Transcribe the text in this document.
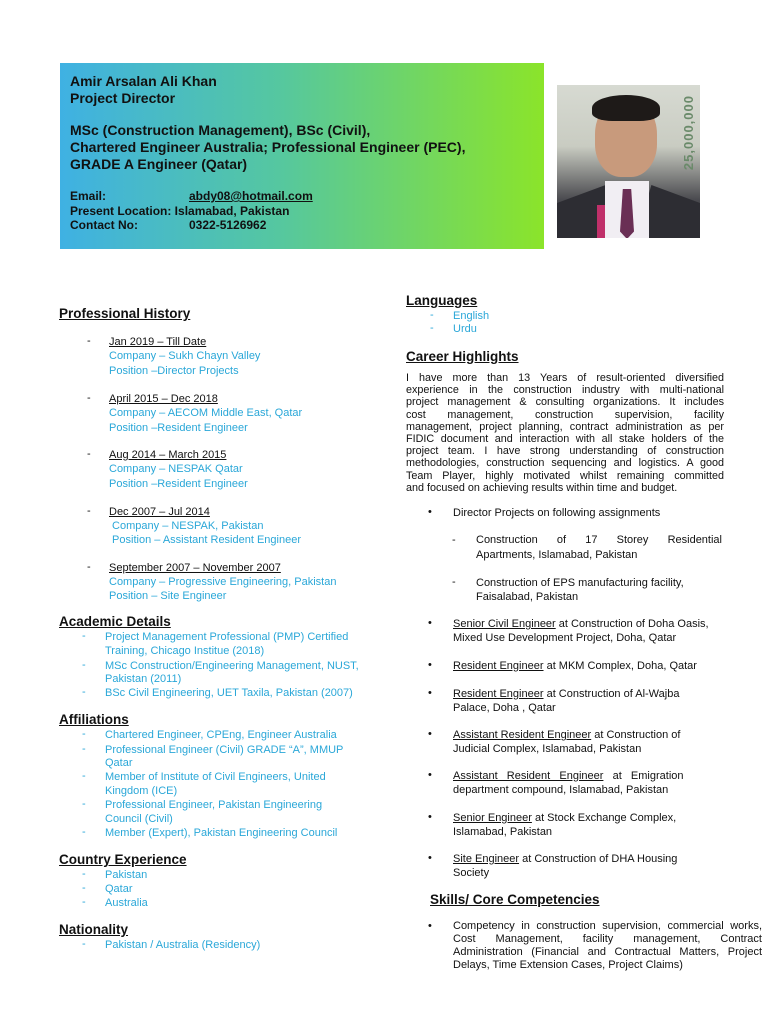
Amir Arsalan Ali Khan
Project Director
MSc (Construction Management), BSc (Civil),
Chartered Engineer Australia; Professional Engineer (PEC),
GRADE A Engineer (Qatar)
Email:	abdy08@hotmail.com
Present Location: Islamabad, Pakistan
Contact No:	0322-5126962
25,000,000
Professional History
- Jan 2019 – Till Date
Company – Sukh Chayn Valley
Position –Director Projects
- April 2015 – Dec 2018
Company – AECOM Middle East, Qatar
Position –Resident Engineer
- Aug 2014 – March 2015
Company – NESPAK Qatar
Position –Resident Engineer
- Dec 2007 – Jul 2014
Company – NESPAK, Pakistan
Position – Assistant Resident Engineer
- September 2007 – November 2007
Company – Progressive Engineering, Pakistan
Position – Site Engineer
Academic Details
- Project Management Professional (PMP) Certified
Training, Chicago Institue (2018)
- MSc Construction/Engineering Management, NUST,
Pakistan (2011)
- BSc Civil Engineering, UET Taxila, Pakistan (2007)
Affiliations
- Chartered Engineer, CPEng, Engineer Australia
- Professional Engineer (Civil) GRADE “A”, MMUP
Qatar
- Member of Institute of Civil Engineers, United
Kingdom (ICE)
- Professional Engineer, Pakistan Engineering
Council (Civil)
- Member (Expert), Pakistan Engineering Council
Country Experience
- Pakistan
- Qatar
- Australia
Nationality
- Pakistan / Australia (Residency)
Languages
- English
- Urdu
Career Highlights

I have more than 13 Years of result-oriented diversified

experience in the construction industry with multi-national

project management & consulting organizations. It includes

cost management, construction supervision, facility

management, project planning, contract administration as per

FIDIC document and interaction with all stake holders of the

project team. I have strong understanding of construction

methodologies, construction sequencing and logistics. A good

Team Player, highly motivated whilst remaining committed

and focused on achieving results within time and budget.

• Director Projects on following assignments
- Construction of 17 Storey Residential
Apartments, Islamabad, Pakistan
- Construction of EPS manufacturing facility,
Faisalabad, Pakistan
• Senior Civil Engineer at Construction of Doha Oasis,
Mixed Use Development Project, Doha, Qatar
• Resident Engineer at MKM Complex, Doha, Qatar
• Resident Engineer at Construction of Al-Wajba
Palace, Doha , Qatar
• Assistant Resident Engineer at Construction of
Judicial Complex, Islamabad, Pakistan
• Assistant   Resident   Engineer   at   Emigration
department compound, Islamabad, Pakistan
• Senior Engineer at Stock Exchange Complex,
Islamabad, Pakistan
• Site Engineer at Construction of DHA Housing
Society
Skills/ Core Competencies
• Competency in construction supervision, commercial works,

Cost Management, facility management, Contract

Administration (Financial and Contractual Matters, Project

Delays, Time Extension Cases, Project Claims)
